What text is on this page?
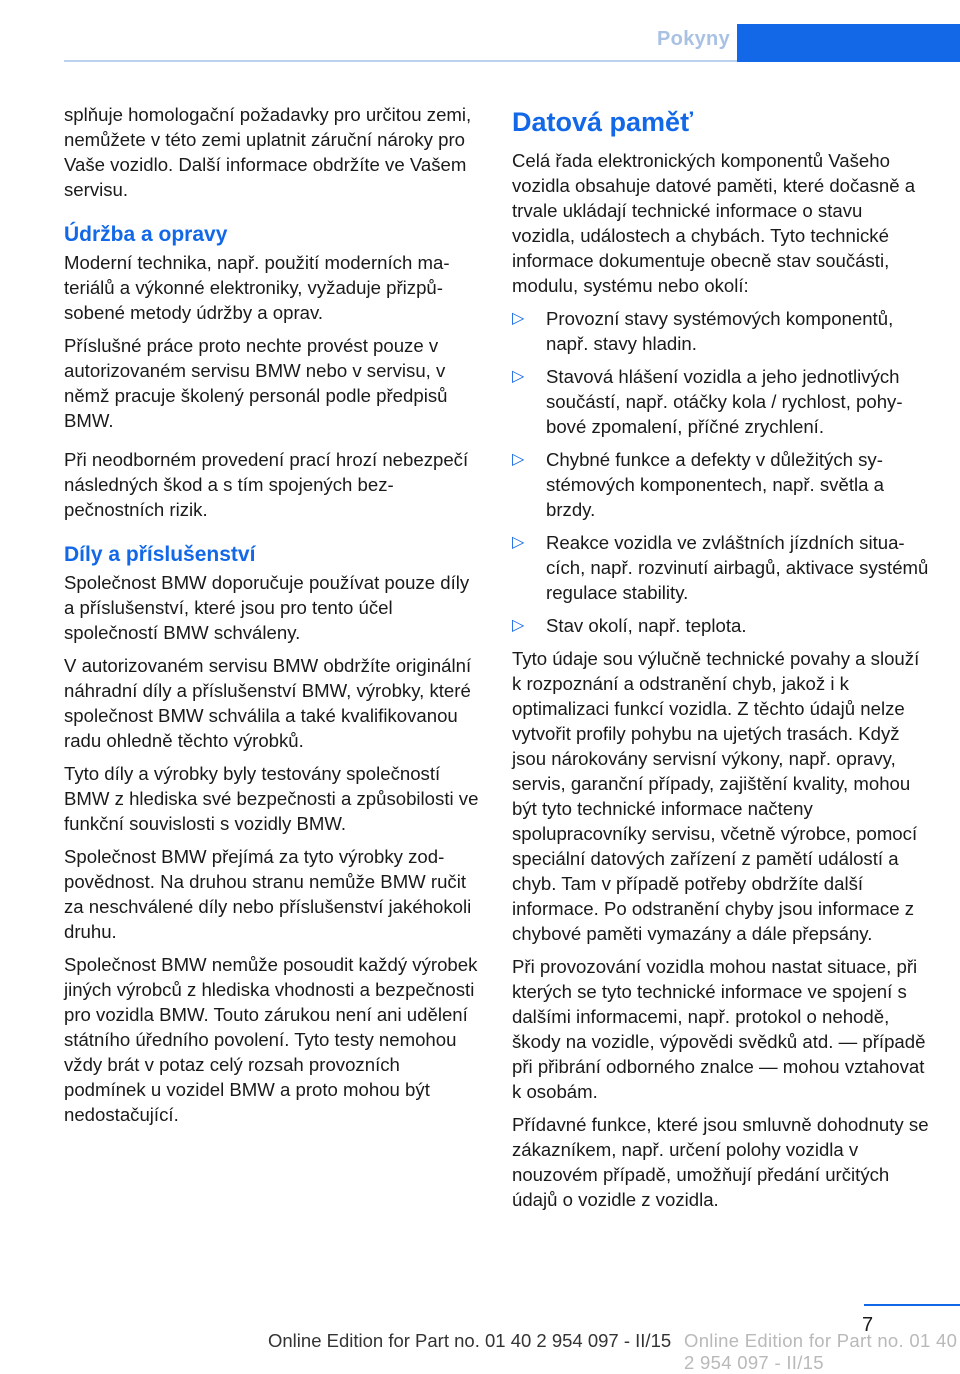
Pokyny

splňuje homologační požadavky pro určitou zemi, nemůžete v této zemi uplatnit záruční nároky pro Vaše vozidlo. Další informace obdržíte ve Vašem servisu.

Údržba a opravy

Moderní technika, např. použití moderních materiálů a výkonné elektroniky, vyžaduje přizpůsobené metody údržby a oprav.

Příslušné práce proto nechte provést pouze v autorizovaném servisu BMW nebo v servisu, v němž pracuje školený personál podle předpisů BMW.

Při neodborném provedení prací hrozí nebezpečí následných škod a s tím spojených bezpečnostních rizik.

Díly a příslušenství

Společnost BMW doporučuje používat pouze díly a příslušenství, které jsou pro tento účel společností BMW schváleny.

V autorizovaném servisu BMW obdržíte originální náhradní díly a příslušenství BMW, výrobky, které společnost BMW schválila a také kvalifikovanou radu ohledně těchto výrobků.

Tyto díly a výrobky byly testovány společností BMW z hlediska své bezpečnosti a způsobilosti ve funkční souvislosti s vozidly BMW.

Společnost BMW přejímá za tyto výrobky zodpovědnost. Na druhou stranu nemůže BMW ručit za neschválené díly nebo příslušenství jakéhokoli druhu.

Společnost BMW nemůže posoudit každý výrobek jiných výrobců z hlediska vhodnosti a bezpečnosti pro vozidla BMW. Touto zárukou není ani udělení státního úředního povolení. Tyto testy nemohou vždy brát v potaz celý rozsah provozních podmínek u vozidel BMW a proto mohou být nedostačující.

Datová paměť

Celá řada elektronických komponentů Vašeho vozidla obsahuje datové paměti, které dočasně a trvale ukládají technické informace o stavu vozidla, událostech a chybách. Tyto technické informace dokumentuje obecně stav součásti, modulu, systému nebo okolí:

▷ Provozní stavy systémových komponentů, např. stavy hladin.
▷ Stavová hlášení vozidla a jeho jednotlivých součástí, např. otáčky kola / rychlost, pohybové zpomalení, příčné zrychlení.
▷ Chybné funkce a defekty v důležitých systémových komponentech, např. světla a brzdy.
▷ Reakce vozidla ve zvláštních jízdních situacích, např. rozvinutí airbagů, aktivace systémů regulace stability.
▷ Stav okolí, např. teplota.

Tyto údaje sou výlučně technické povahy a slouží k rozpoznání a odstranění chyb, jakož i k optimalizaci funkcí vozidla. Z těchto údajů nelze vytvořit profily pohybu na ujetých trasách. Když jsou nárokovány servisní výkony, např. opravy, servis, garanční případy, zajištění kvality, mohou být tyto technické informace načteny spolupracovníky servisu, včetně výrobce, pomocí speciální datových zařízení z pamětí událostí a chyb. Tam v případě potřeby obdržíte další informace. Po odstranění chyby jsou informace z chybové paměti vymazány a dále přepsány.

Při provozování vozidla mohou nastat situace, při kterých se tyto technické informace ve spojení s dalšími informacemi, např. protokol o nehodě, škody na vozidle, výpovědi svědků atd. — případě při přibrání odborného znalce — mohou vztahovat k osobám.

Přídavné funkce, které jsou smluvně dohodnuty se zákazníkem, např. určení polohy vozidla v nouzovém případě, umožňují předání určitých údajů o vozidle z vozidla.

7
Online Edition for Part no. 01 40 2 954 097 - II/15 Online Edition for Part no. 01 40 2 954 097 - II/15
